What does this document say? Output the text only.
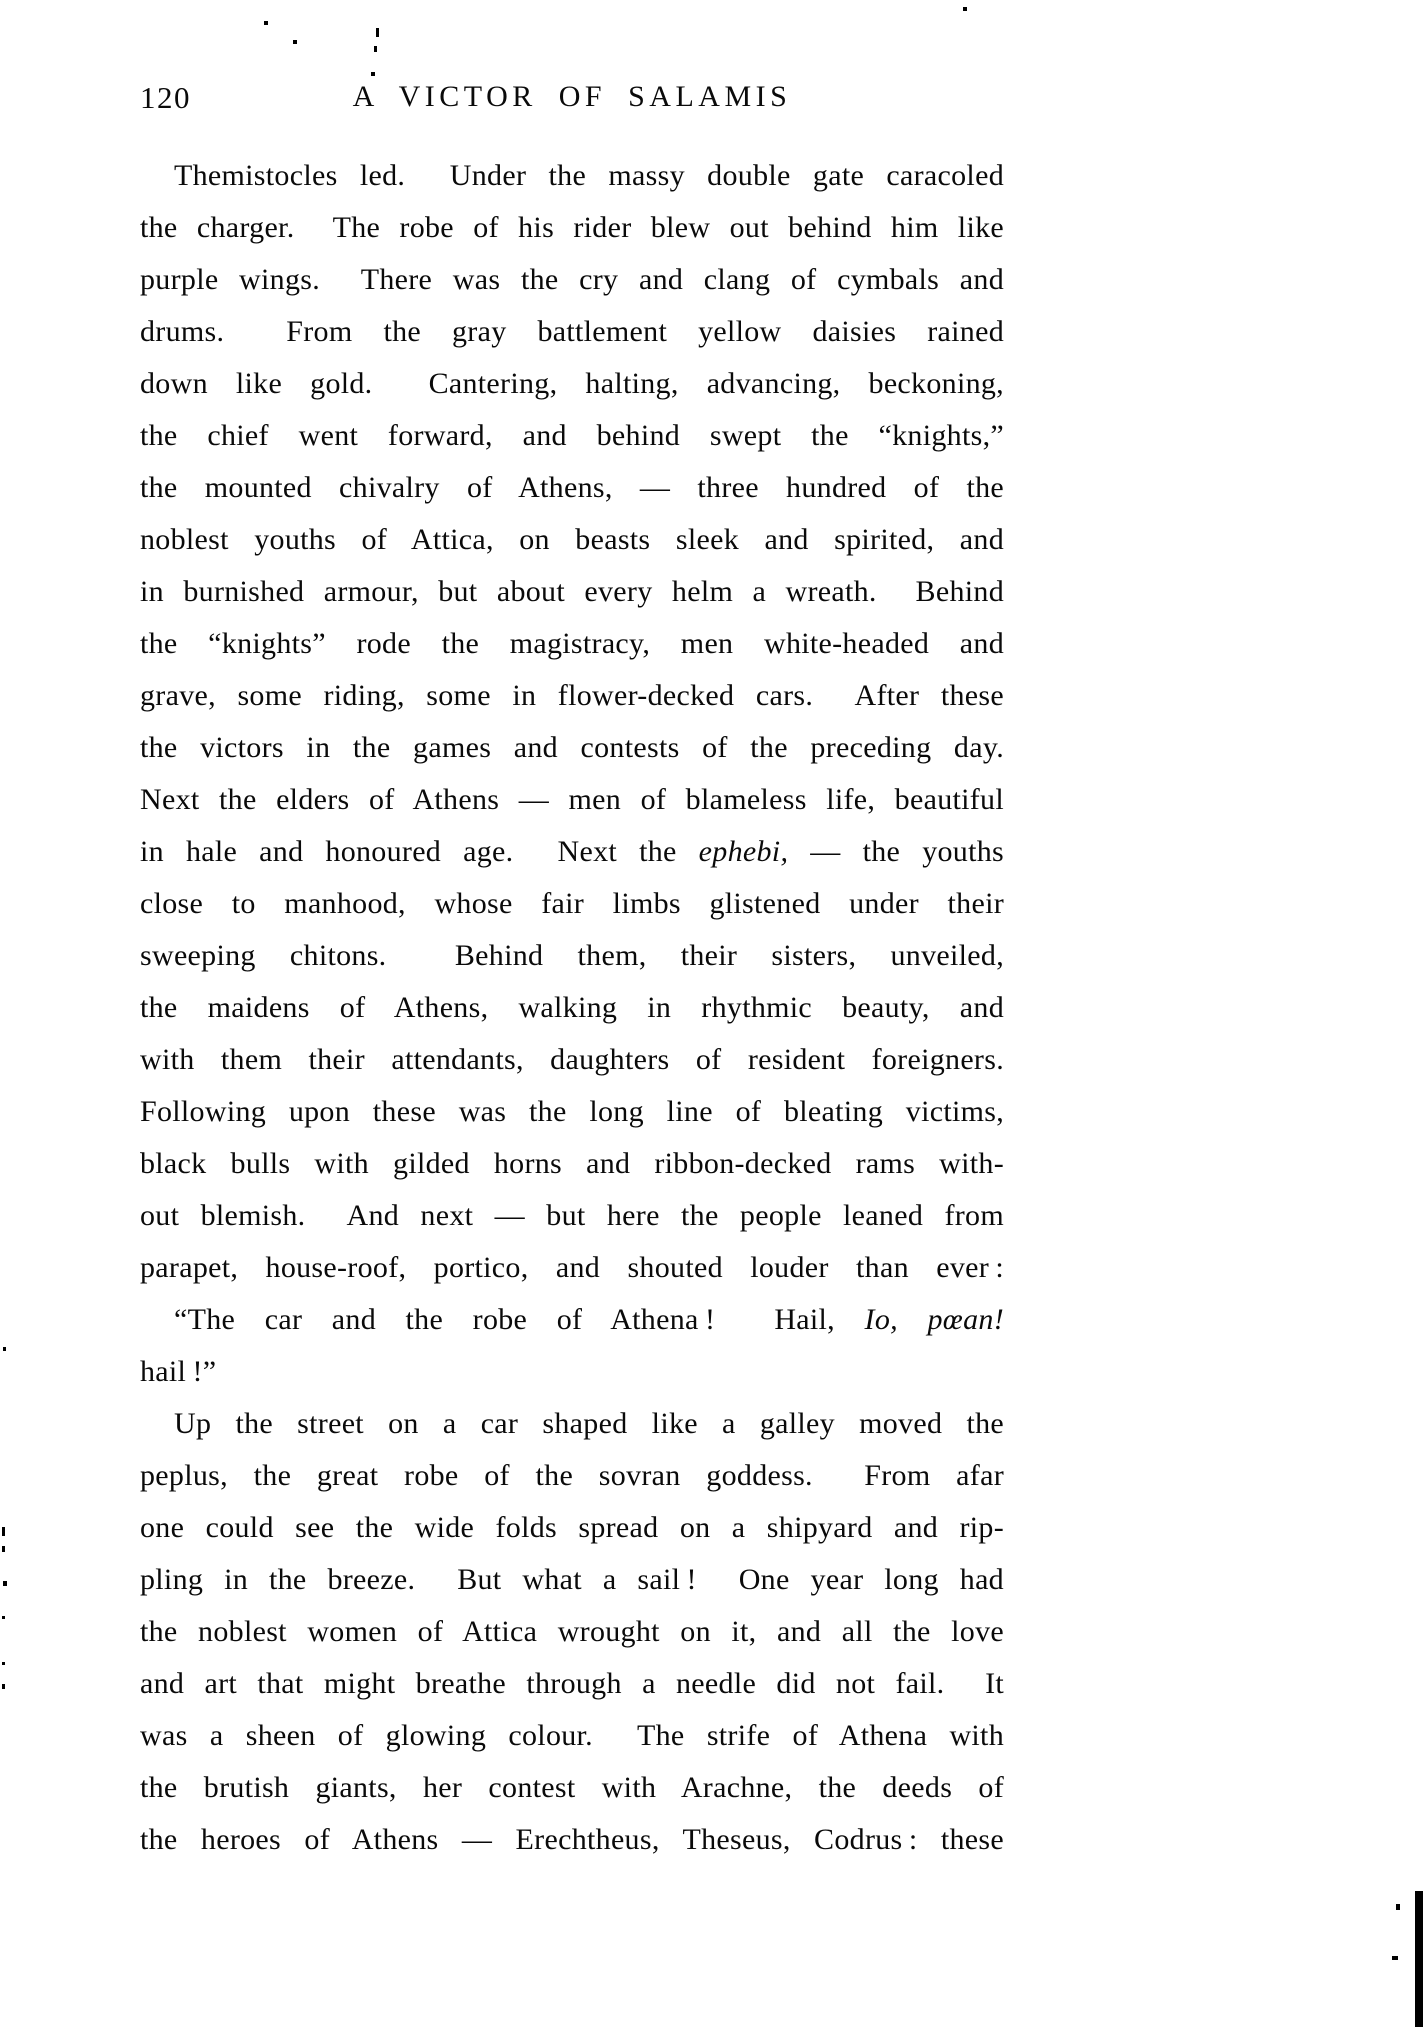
120	A VICTOR OF SALAMIS
Themistocles led.  Under the massy double gate caracoled
the charger.  The robe of his rider blew out behind him like
purple wings.  There was the cry and clang of cymbals and
drums.  From the gray battlement yellow daisies rained
down like gold.  Cantering, halting, advancing, beckoning,
the chief went forward, and behind swept the “knights,”
the mounted chivalry of Athens, — three hundred of the
noblest youths of Attica, on beasts sleek and spirited, and
in burnished armour, but about every helm a wreath.  Behind
the “knights” rode the magistracy, men white-headed and
grave, some riding, some in flower-decked cars.  After these
the victors in the games and contests of the preceding day.
Next the elders of Athens — men of blameless life, beautiful
in hale and honoured age.  Next the ephebi, — the youths
close to manhood, whose fair limbs glistened under their
sweeping chitons.  Behind them, their sisters, unveiled,
the maidens of Athens, walking in rhythmic beauty, and
with them their attendants, daughters of resident foreigners.
Following upon these was the long line of bleating victims,
black bulls with gilded horns and ribbon-decked rams with-
out blemish.  And next — but here the people leaned from
parapet, house-roof, portico, and shouted louder than ever :
“The car and the robe of Athena !  Hail, Io, pœan!
hail !”
Up the street on a car shaped like a galley moved the
peplus, the great robe of the sovran goddess.  From afar
one could see the wide folds spread on a shipyard and rip-
pling in the breeze.  But what a sail !  One year long had
the noblest women of Attica wrought on it, and all the love
and art that might breathe through a needle did not fail.  It
was a sheen of glowing colour.  The strife of Athena with
the brutish giants, her contest with Arachne, the deeds of
the heroes of Athens — Erechtheus, Theseus, Codrus : these
